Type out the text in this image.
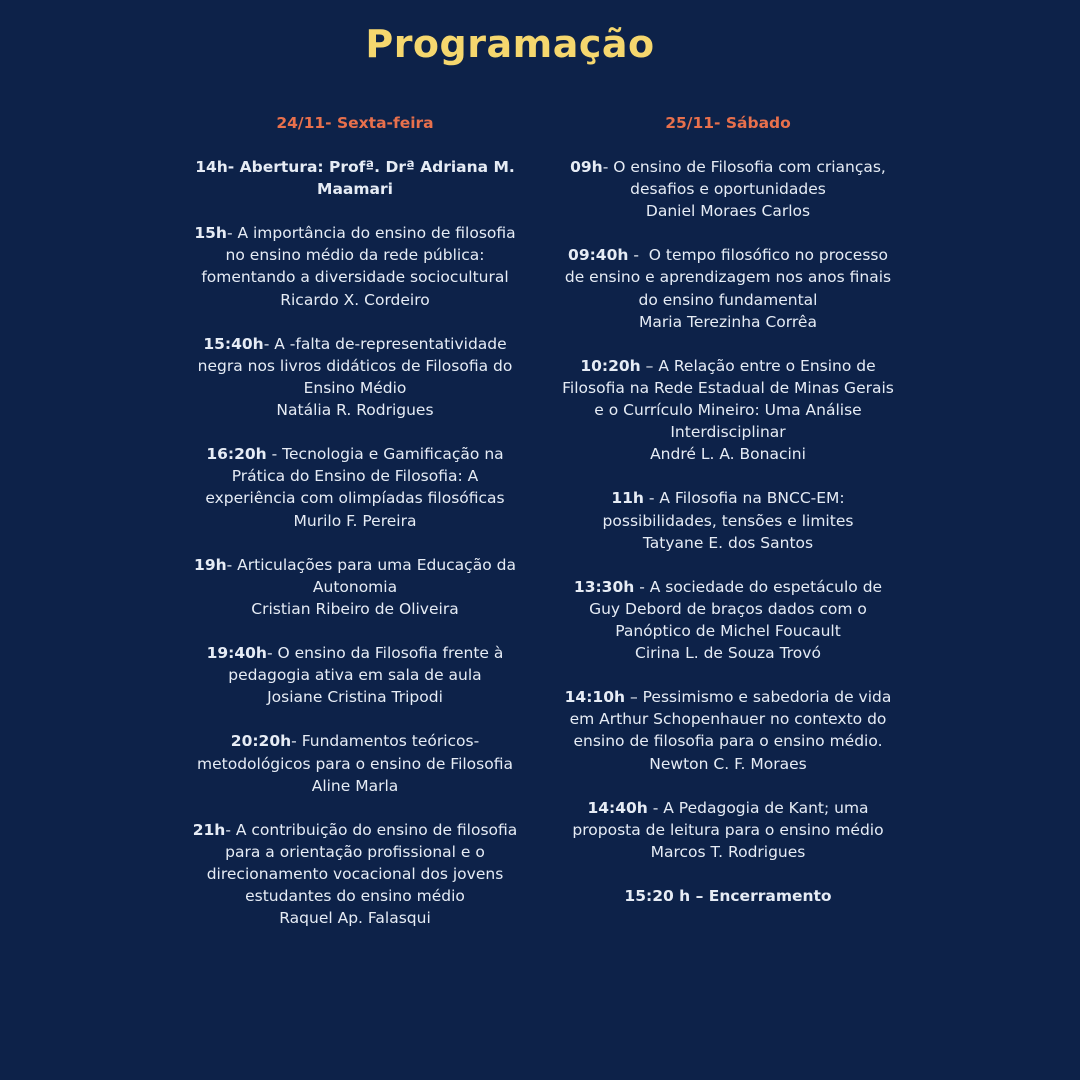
Programação
24/11- Sexta-feira
14h- Abertura: Profª. Drª Adriana M. Maamari
15h- A importância do ensino de filosofia no ensino médio da rede pública: fomentando a diversidade sociocultural
Ricardo X. Cordeiro
15:40h- A -falta de-representatividade negra nos livros didáticos de Filosofia do Ensino Médio
Natália R. Rodrigues
16:20h - Tecnologia e Gamificação na Prática do Ensino de Filosofia: A experiência com olimpíadas filosóficas
Murilo F. Pereira
19h- Articulações para uma Educação da Autonomia
Cristian Ribeiro de Oliveira
19:40h- O ensino da Filosofia frente à pedagogia ativa em sala de aula
Josiane Cristina Tripodi
20:20h- Fundamentos teóricos-metodológicos para o ensino de Filosofia
Aline Marla
21h- A contribuição do ensino de filosofia para a orientação profissional e o direcionamento vocacional dos jovens estudantes do ensino médio
Raquel Ap. Falasqui
25/11- Sábado
09h- O ensino de Filosofia com crianças, desafios e oportunidades
Daniel Moraes Carlos
09:40h -  O tempo filosófico no processo de ensino e aprendizagem nos anos finais do ensino fundamental
Maria Terezinha Corrêa
10:20h – A Relação entre o Ensino de Filosofia na Rede Estadual de Minas Gerais e o Currículo Mineiro: Uma Análise Interdisciplinar
André L. A. Bonacini
11h - A Filosofia na BNCC-EM: possibilidades, tensões e limites
Tatyane E. dos Santos
13:30h - A sociedade do espetáculo de Guy Debord de braços dados com o Panóptico de Michel Foucault
Cirina L. de Souza Trovó
14:10h – Pessimismo e sabedoria de vida em Arthur Schopenhauer no contexto do ensino de filosofia para o ensino médio.
Newton C. F. Moraes
14:40h - A Pedagogia de Kant; uma proposta de leitura para o ensino médio
Marcos T. Rodrigues
15:20 h – Encerramento
